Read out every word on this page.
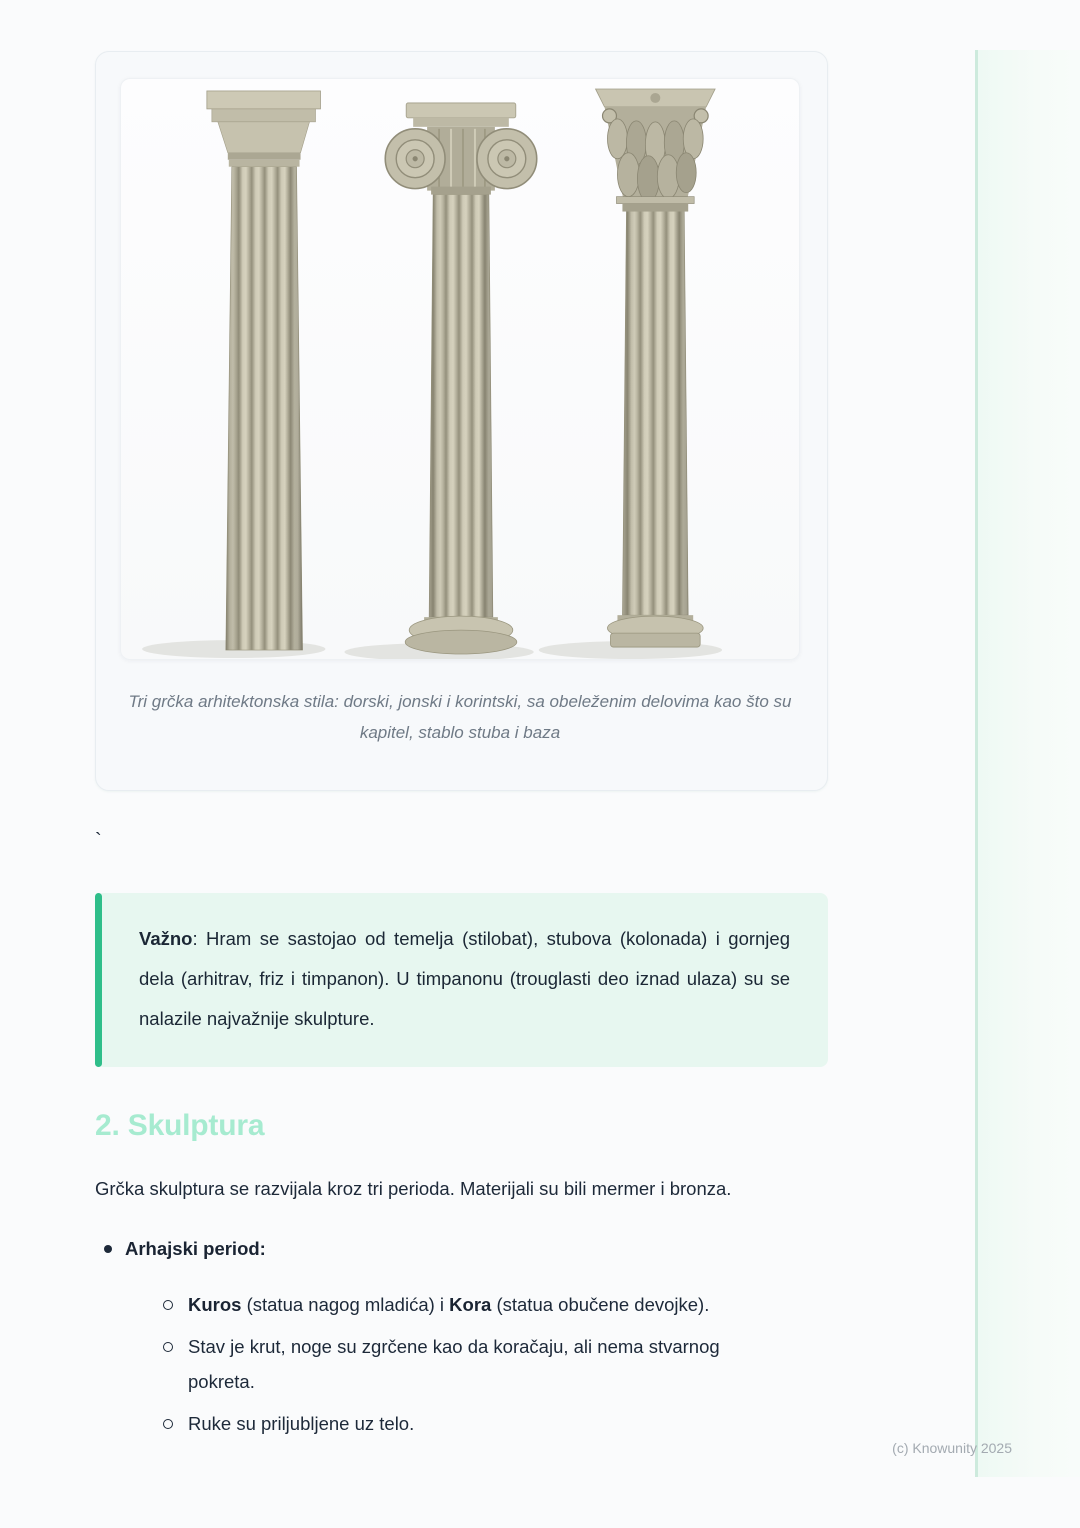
Tri grčka arhitektonska stila: dorski, jonski i korintski, sa obeleženim delovima kao što su kapitel, stablo stuba i baza
`

Važno: Hram se sastojao od temelja (stilobat), stubova (kolonada) i gornjeg dela (arhitrav, friz i timpanon). U timpanonu (trouglasti deo iznad ulaza) su se nalazile najvažnije skulpture.

2. Skulptura

Grčka skulptura se razvijala kroz tri perioda. Materijali su bili mermer i bronza.

Arhajski period:
Kuros (statua nagog mladića) i Kora (statua obučene devojke).
Stav je krut, noge su zgrčene kao da koračaju, ali nema stvarnog pokreta.
Ruke su priljubljene uz telo.
(c) Knowunity 2025
